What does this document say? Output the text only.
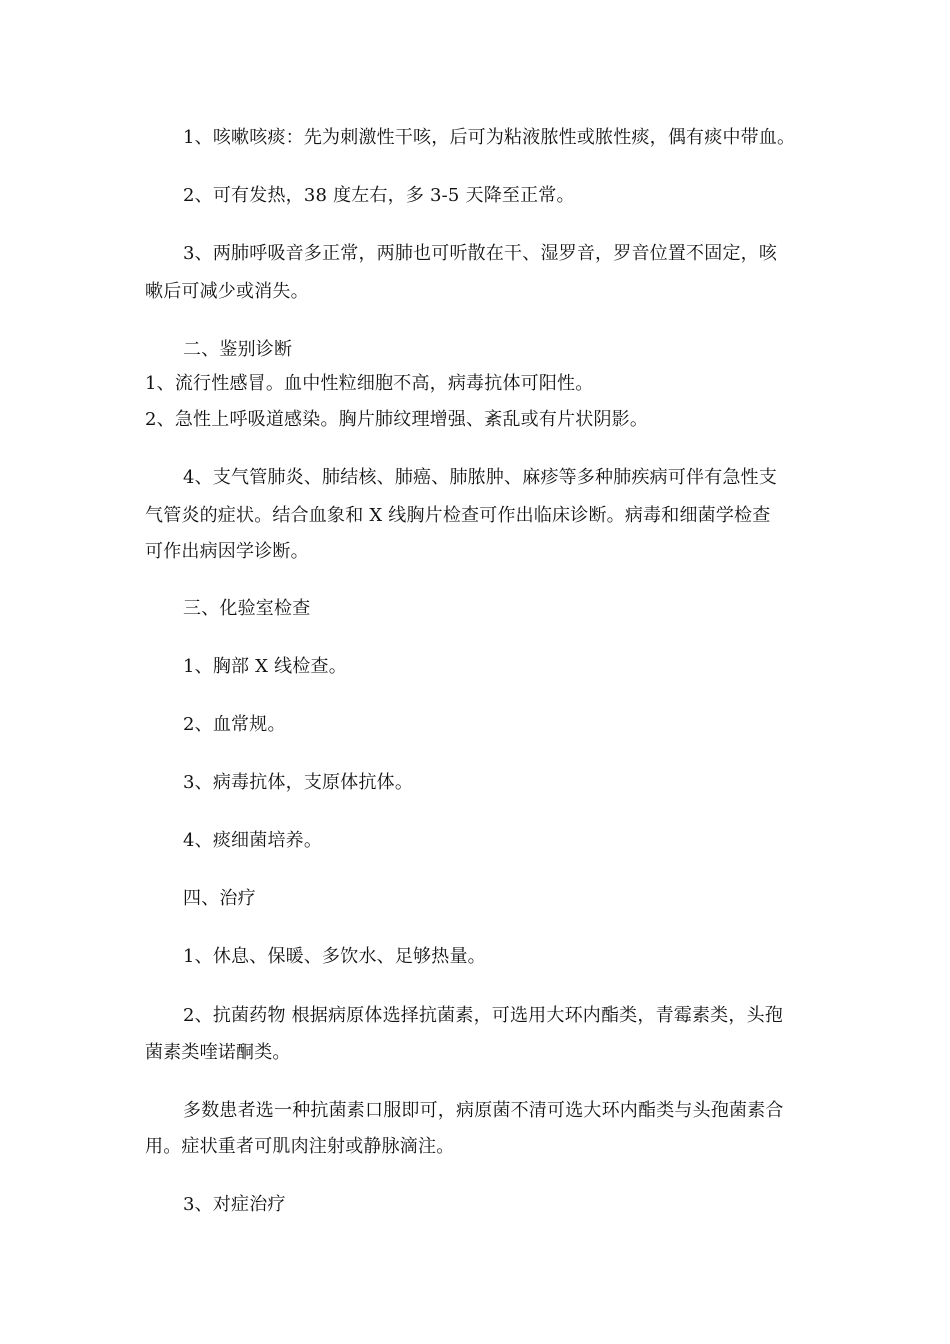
1、咳嗽咳痰：先为刺激性干咳，后可为粘液脓性或脓性痰，偶有痰中带血。
2、可有发热，38 度左右，多 3-5 天降至正常。
3、两肺呼吸音多正常，两肺也可听散在干、湿罗音，罗音位置不固定，咳
嗽后可减少或消失。
二、鉴别诊断
1、流行性感冒。血中性粒细胞不高，病毒抗体可阳性。
2、急性上呼吸道感染。胸片肺纹理增强、紊乱或有片状阴影。
4、支气管肺炎、肺结核、肺癌、肺脓肿、麻疹等多种肺疾病可伴有急性支
气管炎的症状。结合血象和 X 线胸片检查可作出临床诊断。病毒和细菌学检查
可作出病因学诊断。
三、化验室检查
1、胸部 X 线检查。
2、血常规。
3、病毒抗体，支原体抗体。
4、痰细菌培养。
四、治疗
1、休息、保暖、多饮水、足够热量。
2、抗菌药物 根据病原体选择抗菌素，可选用大环内酯类，青霉素类，头孢
菌素类喹诺酮类。
多数患者选一种抗菌素口服即可，病原菌不清可选大环内酯类与头孢菌素合
用。症状重者可肌肉注射或静脉滴注。
3、对症治疗
